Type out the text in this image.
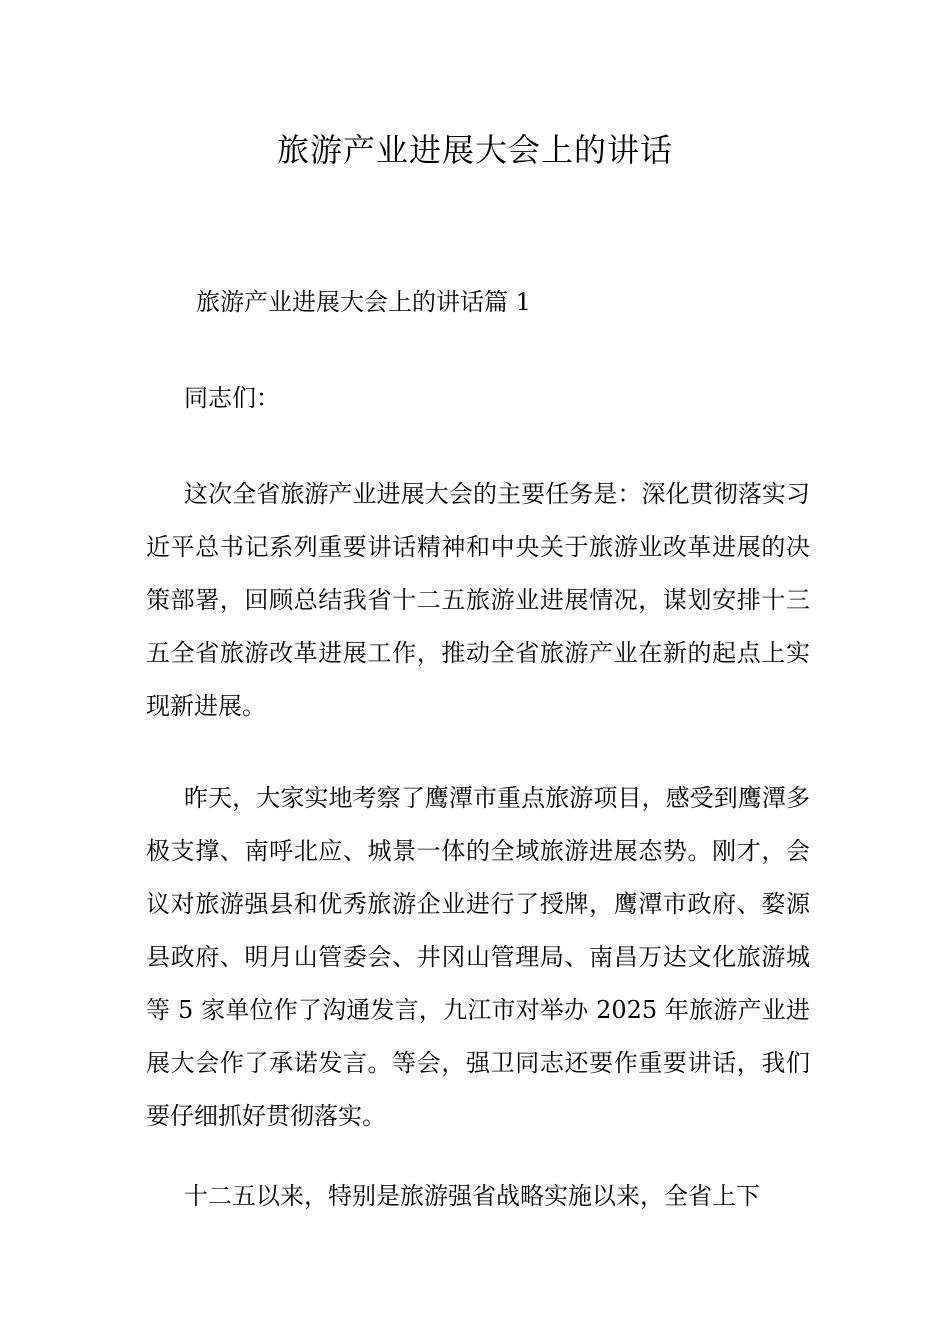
旅游产业进展大会上的讲话

旅游产业进展大会上的讲话篇 1

同志们：

这次全省旅游产业进展大会的主要任务是：深化贯彻落实习近平总书记系列重要讲话精神和中央关于旅游业改革进展的决策部署，回顾总结我省十二五旅游业进展情况，谋划安排十三五全省旅游改革进展工作，推动全省旅游产业在新的起点上实现新进展。

昨天，大家实地考察了鹰潭市重点旅游项目，感受到鹰潭多极支撑、南呼北应、城景一体的全域旅游进展态势。刚才，会议对旅游强县和优秀旅游企业进行了授牌，鹰潭市政府、婺源县政府、明月山管委会、井冈山管理局、南昌万达文化旅游城等 5 家单位作了沟通发言，九江市对举办 2025 年旅游产业进展大会作了承诺发言。等会，强卫同志还要作重要讲话，我们要仔细抓好贯彻落实。

十二五以来，特别是旅游强省战略实施以来，全省上下
